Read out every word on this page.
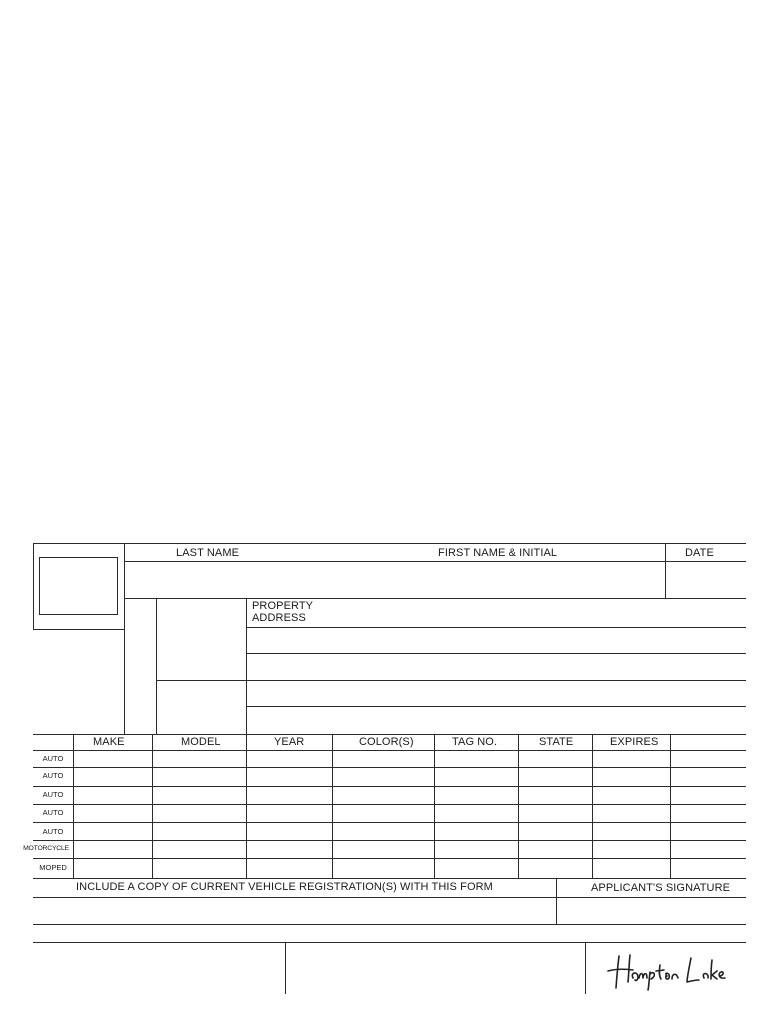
LAST NAME	FIRST NAME & INITIAL	DATE
PROPERTY
ADDRESS
MAKE	MODEL	YEAR	COLOR(S)	TAG NO.	STATE	EXPIRES
AUTO
AUTO
AUTO
AUTO
AUTO
MOTORCYCLE
MOPED
INCLUDE A COPY OF CURRENT VEHICLE REGISTRATION(S) WITH THIS FORM	APPLICANT'S SIGNATURE
